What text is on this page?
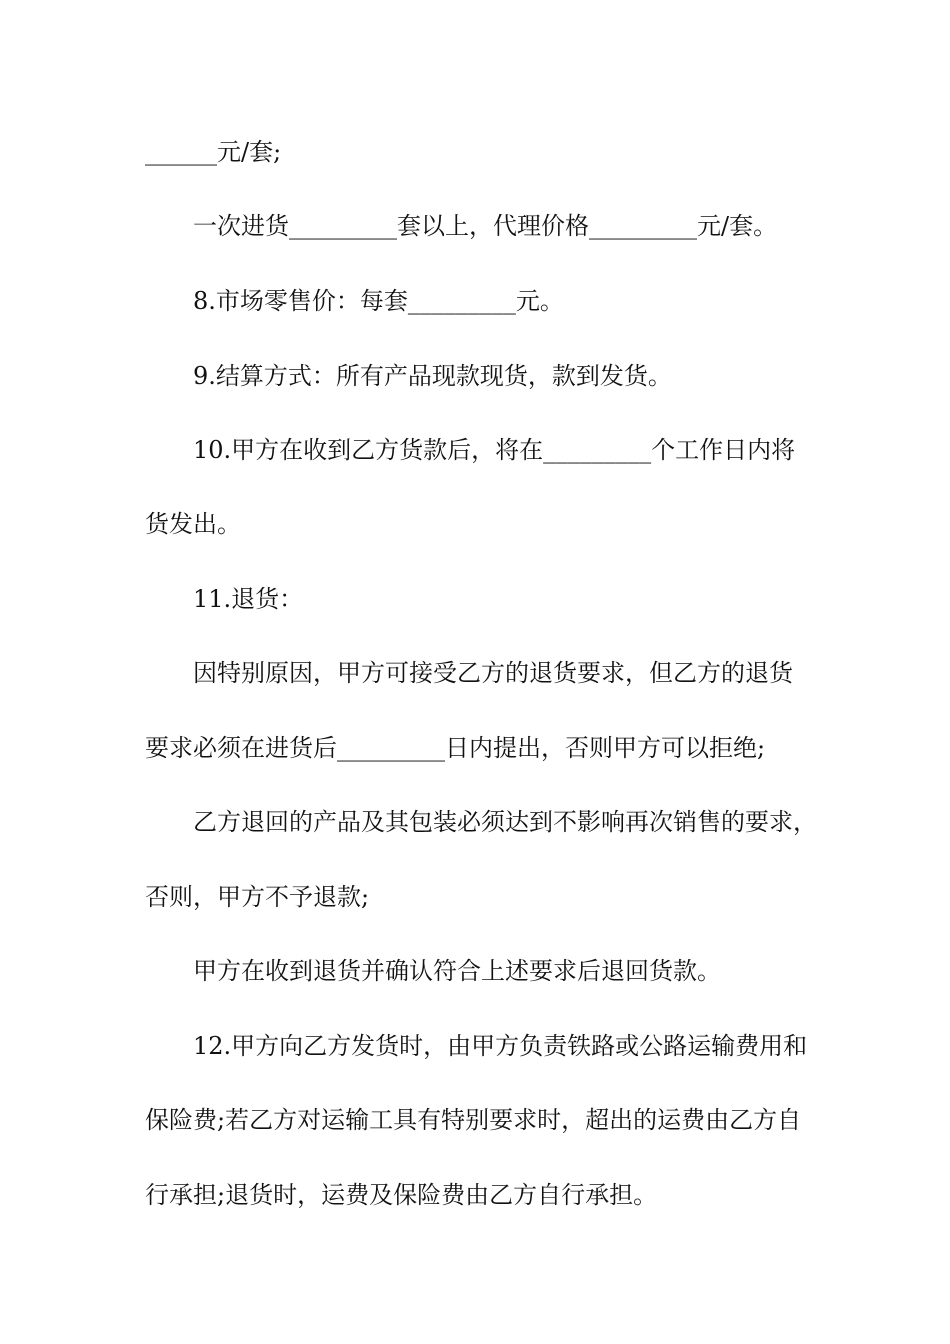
______元/套;
一次进货_________套以上，代理价格_________元/套。
8.市场零售价：每套_________元。
9.结算方式：所有产品现款现货，款到发货。
10.甲方在收到乙方货款后，将在_________个工作日内将
货发出。
11.退货：
因特别原因，甲方可接受乙方的退货要求，但乙方的退货
要求必须在进货后_________日内提出，否则甲方可以拒绝;
乙方退回的产品及其包装必须达到不影响再次销售的要求，
否则，甲方不予退款;
甲方在收到退货并确认符合上述要求后退回货款。
12.甲方向乙方发货时，由甲方负责铁路或公路运输费用和
保险费;若乙方对运输工具有特别要求时，超出的运费由乙方自
行承担;退货时，运费及保险费由乙方自行承担。
